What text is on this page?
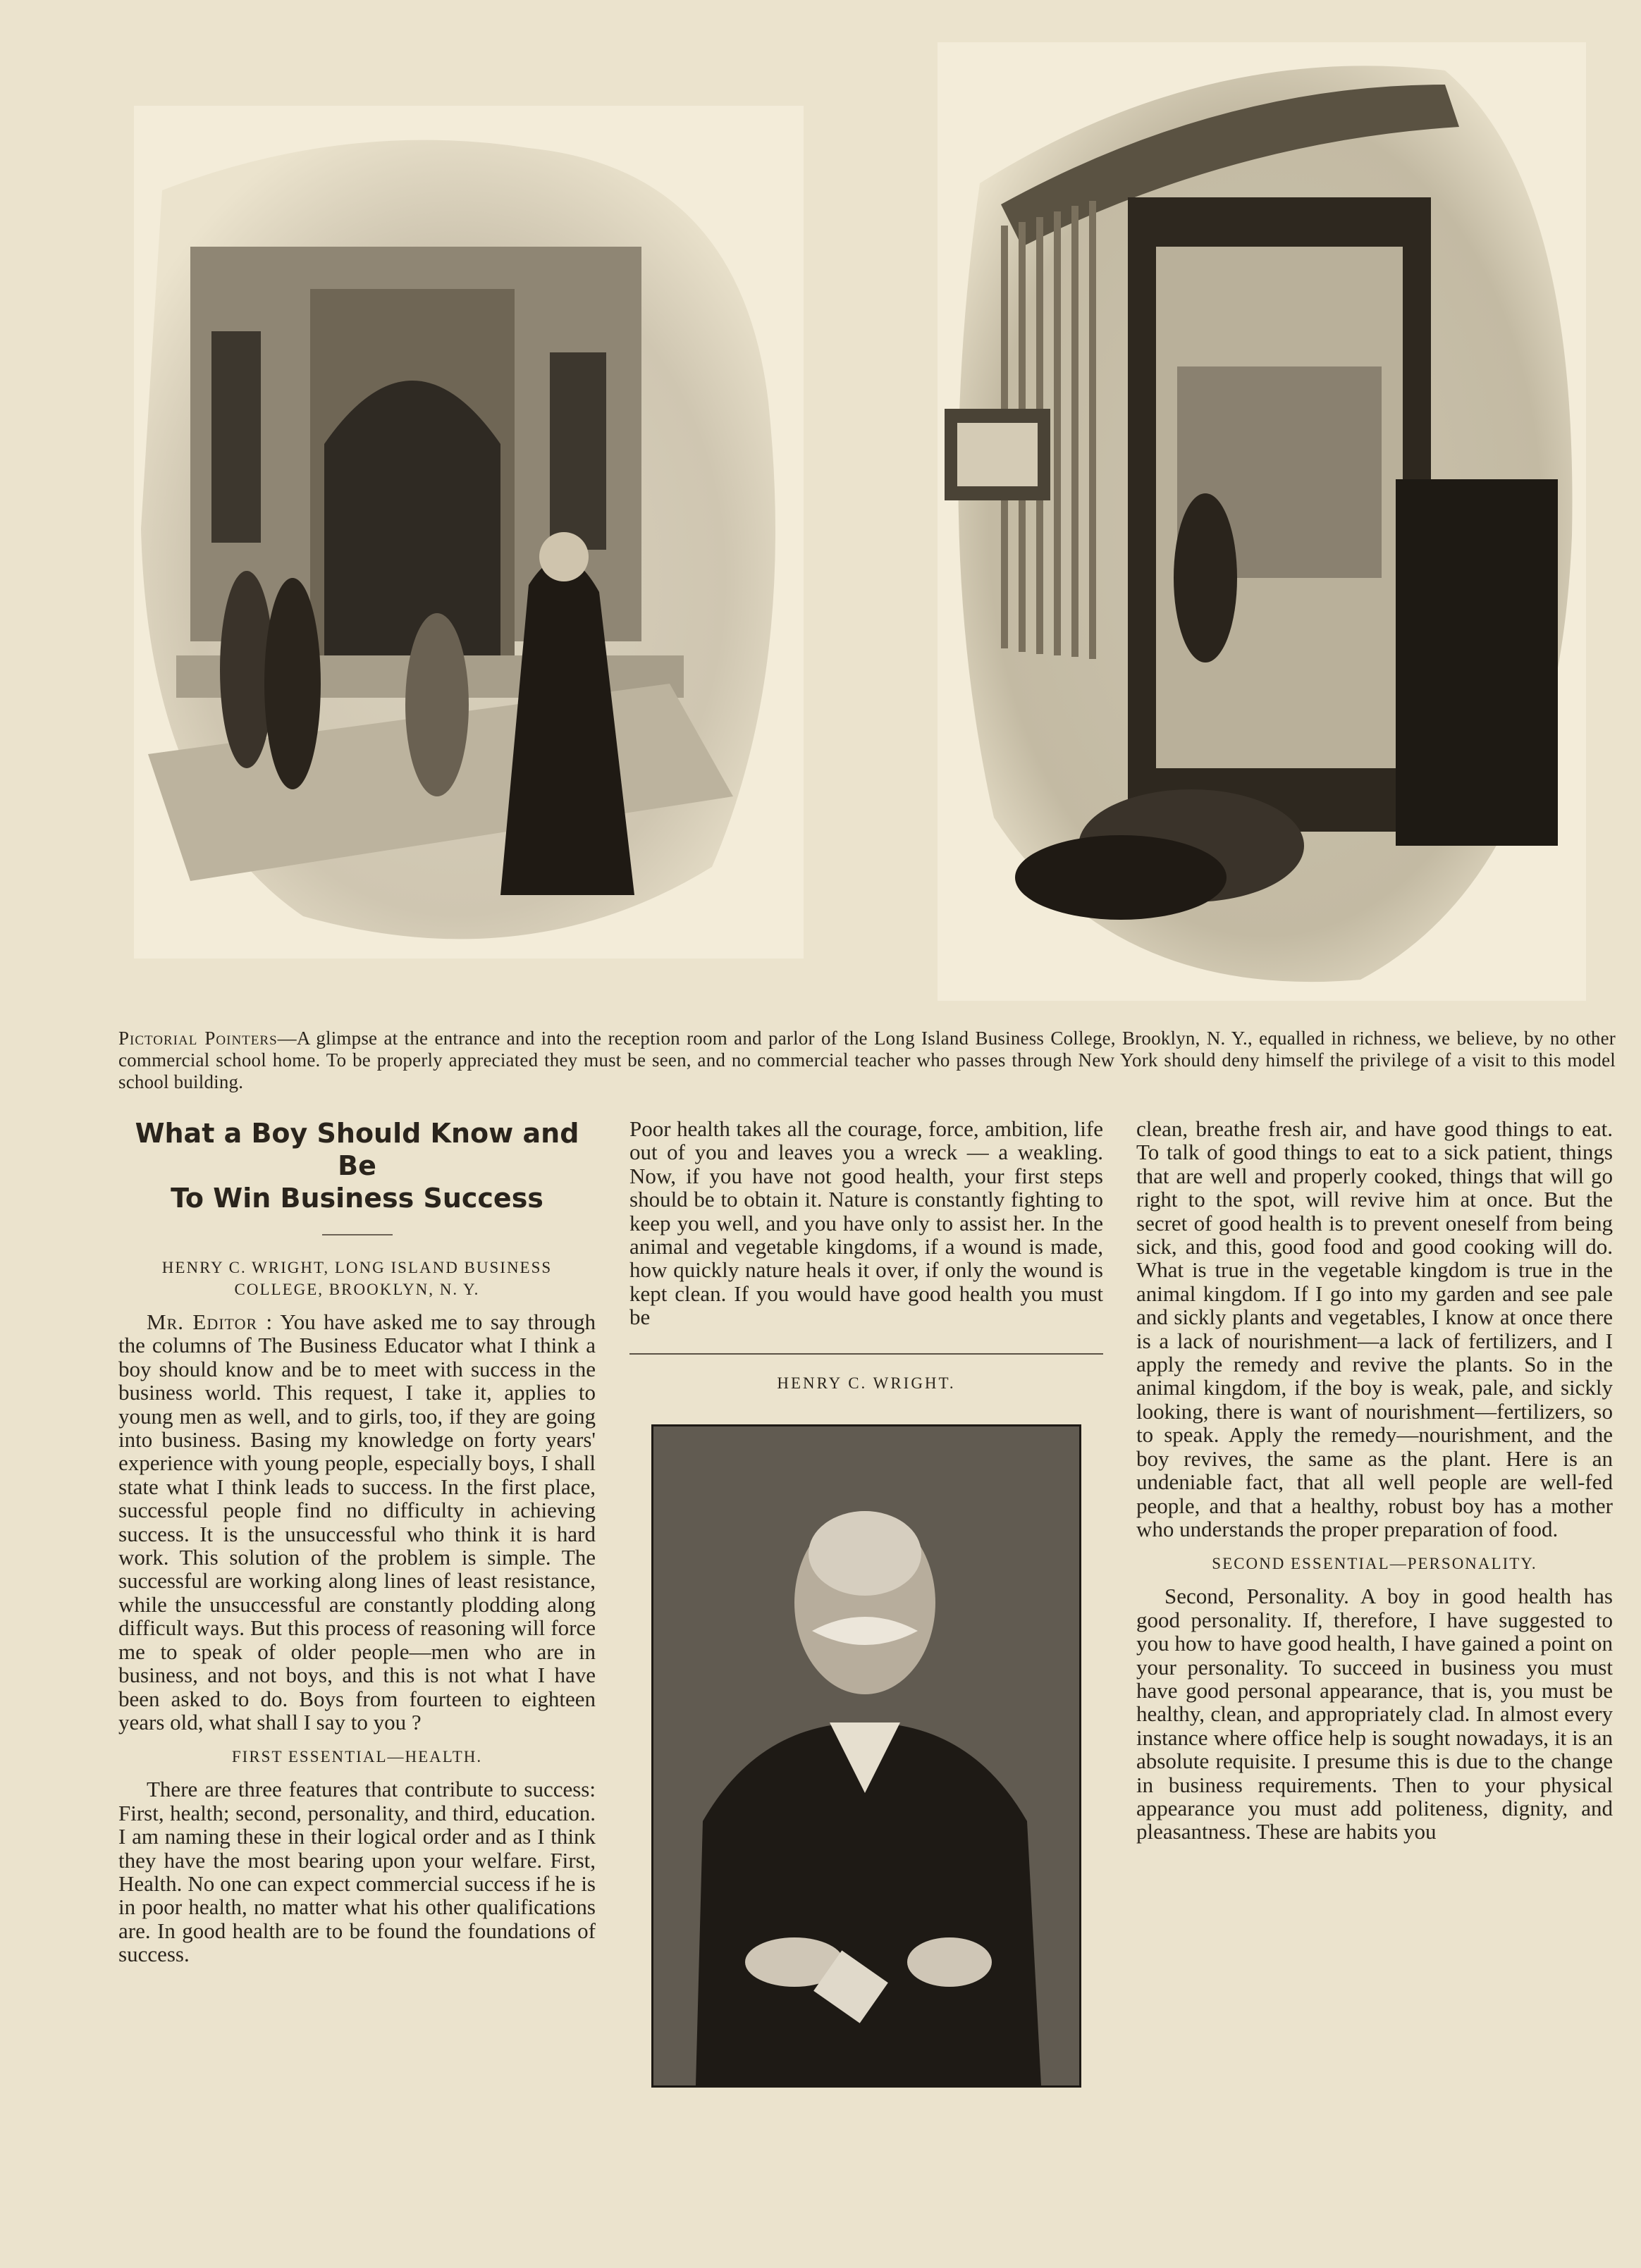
Pictorial Pointers—A glimpse at the entrance and into the reception room and parlor of the Long Island Business College, Brooklyn, N. Y., equalled in richness, we believe, by no other commercial school home. To be properly appreciated they must be seen, and no commercial teacher who passes through New York should deny himself the privilege of a visit to this model school building.
What a Boy Should Know and Be
To Win Business Success
HENRY C. WRIGHT, LONG ISLAND BUSINESS COLLEGE, BROOKLYN, N. Y.

Mr. Editor : You have asked me to say through the columns of The Business Educator what I think a boy should know and be to meet with success in the business world. This request, I take it, applies to young men as well, and to girls, too, if they are going into business. Basing my knowledge on forty years' experience with young people, especially boys, I shall state what I think leads to success. In the first place, successful people find no difficulty in achieving success. It is the unsuccessful who think it is hard work. This solution of the problem is simple. The successful are working along lines of least resistance, while the unsuccessful are constantly plodding along difficult ways. But this process of reasoning will force me to speak of older people—men who are in business, and not boys, and this is not what I have been asked to do. Boys from fourteen to eighteen years old, what shall I say to you ?

FIRST ESSENTIAL—HEALTH.

There are three features that contribute to success: First, health; second, personality, and third, education. I am naming these in their logical order and as I think they have the most bearing upon your welfare. First, Health. No one can expect commercial success if he is in poor health, no matter what his other qualifications are. In good health are to be found the foundations of success.

Poor health takes all the courage, force, ambition, life out of you and leaves you a wreck — a weakling. Now, if you have not good health, your first steps should be to obtain it. Nature is constantly fighting to keep you well, and you have only to assist her. In the animal and vegetable kingdoms, if a wound is made, how quickly nature heals it over, if only the wound is kept clean. If you would have good health you must be

HENRY C. WRIGHT.

clean, breathe fresh air, and have good things to eat. To talk of good things to eat to a sick patient, things that are well and properly cooked, things that will go right to the spot, will revive him at once. But the secret of good health is to prevent oneself from being sick, and this, good food and good cooking will do. What is true in the vegetable kingdom is true in the animal kingdom. If I go into my garden and see pale and sickly plants and vegetables, I know at once there is a lack of nourishment—a lack of fertilizers, and I apply the remedy and revive the plants. So in the animal kingdom, if the boy is weak, pale, and sickly looking, there is want of nourishment—fertilizers, so to speak. Apply the remedy—nourishment, and the boy revives, the same as the plant. Here is an undeniable fact, that all well people are well-fed people, and that a healthy, robust boy has a mother who understands the proper preparation of food.

SECOND ESSENTIAL—PERSONALITY.

Second, Personality. A boy in good health has good personality. If, therefore, I have suggested to you how to have good health, I have gained a point on your personality. To succeed in business you must have good personal appearance, that is, you must be healthy, clean, and appropriately clad. In almost every instance where office help is sought nowadays, it is an absolute requisite. I presume this is due to the change in business requirements. Then to your physical appearance you must add politeness, dignity, and pleasantness. These are habits you
